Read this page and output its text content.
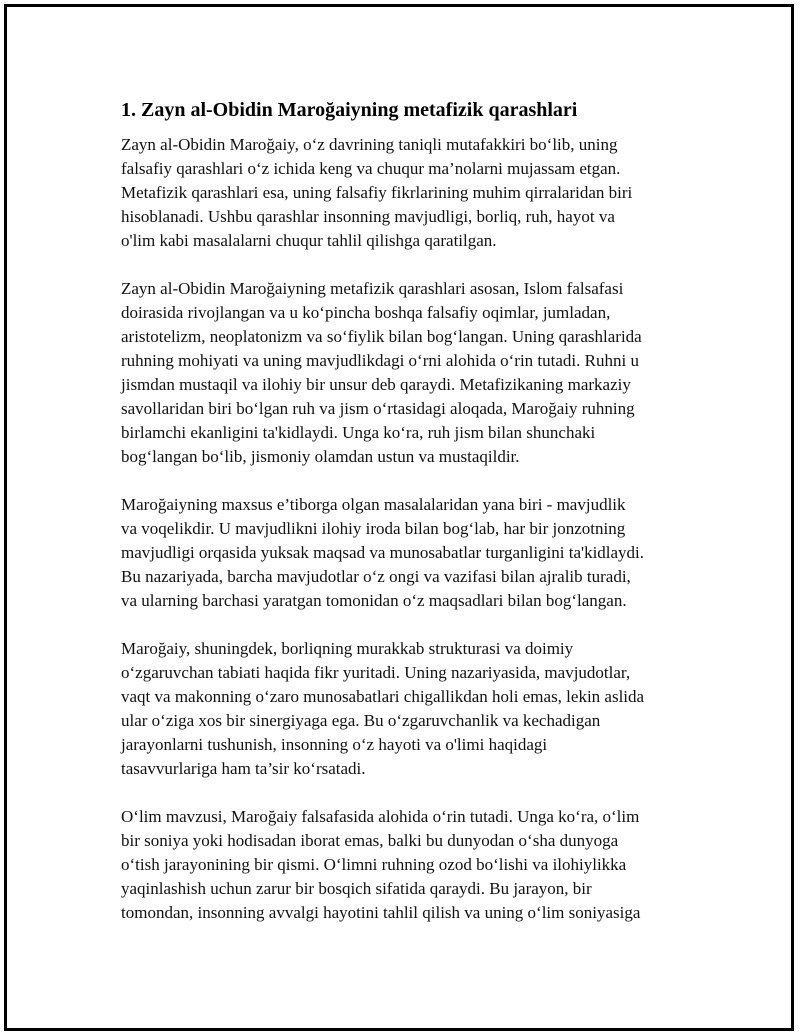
1. Zayn al-Obidin Maroğaiyning metafizik qarashlari
Zayn al-Obidin Maroğaiy, o‘z davrining taniqli mutafakkiri bo‘lib, uning
falsafiy qarashlari o‘z ichida keng va chuqur ma’nolarni mujassam etgan.
Metafizik qarashlari esa, uning falsafiy fikrlarining muhim qirralaridan biri
hisoblanadi. Ushbu qarashlar insonning mavjudligi, borliq, ruh, hayot va
o'lim kabi masalalarni chuqur tahlil qilishga qaratilgan.
Zayn al-Obidin Maroğaiyning metafizik qarashlari asosan, Islom falsafasi
doirasida rivojlangan va u ko‘pincha boshqa falsafiy oqimlar, jumladan,
aristotelizm, neoplatonizm va so‘fiylik bilan bog‘langan. Uning qarashlarida
ruhning mohiyati va uning mavjudlikdagi o‘rni alohida o‘rin tutadi. Ruhni u
jismdan mustaqil va ilohiy bir unsur deb qaraydi. Metafizikaning markaziy
savollaridan biri bo‘lgan ruh va jism o‘rtasidagi aloqada, Maroğaiy ruhning
birlamchi ekanligini ta'kidlaydi. Unga ko‘ra, ruh jism bilan shunchaki
bog‘langan bo‘lib, jismoniy olamdan ustun va mustaqildir.
Maroğaiyning maxsus e’tiborga olgan masalalaridan yana biri - mavjudlik
va voqelikdir. U mavjudlikni ilohiy iroda bilan bog‘lab, har bir jonzotning
mavjudligi orqasida yuksak maqsad va munosabatlar turganligini ta'kidlaydi.
Bu nazariyada, barcha mavjudotlar o‘z ongi va vazifasi bilan ajralib turadi,
va ularning barchasi yaratgan tomonidan o‘z maqsadlari bilan bog‘langan.
Maroğaiy, shuningdek, borliqning murakkab strukturasi va doimiy
o‘zgaruvchan tabiati haqida fikr yuritadi. Uning nazariyasida, mavjudotlar,
vaqt va makonning o‘zaro munosabatlari chigallikdan holi emas, lekin aslida
ular o‘ziga xos bir sinergiyaga ega. Bu o‘zgaruvchanlik va kechadigan
jarayonlarni tushunish, insonning o‘z hayoti va o'limi haqidagi
tasavvurlariga ham ta’sir ko‘rsatadi.
O‘lim mavzusi, Maroğaiy falsafasida alohida o‘rin tutadi. Unga ko‘ra, o‘lim
bir soniya yoki hodisadan iborat emas, balki bu dunyodan o‘sha dunyoga
o‘tish jarayonining bir qismi. O‘limni ruhning ozod bo‘lishi va ilohiylikka
yaqinlashish uchun zarur bir bosqich sifatida qaraydi. Bu jarayon, bir
tomondan, insonning avvalgi hayotini tahlil qilish va uning o‘lim soniyasiga
